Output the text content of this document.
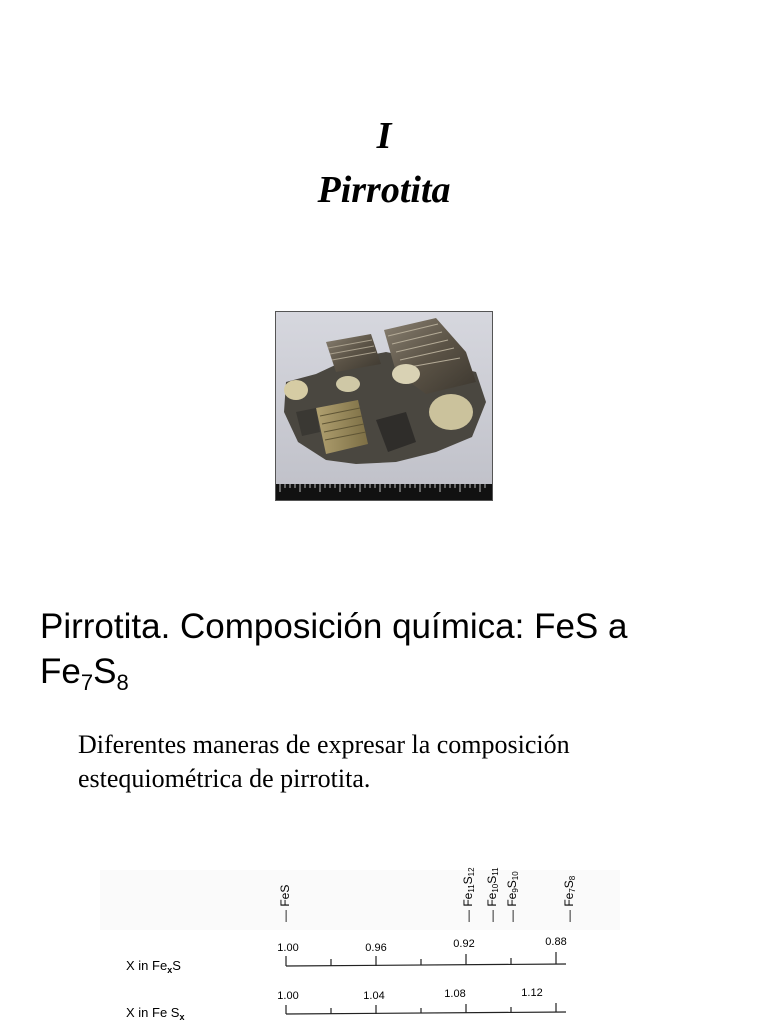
I
Pirrotita
Pirrotita. Composición química: FeS a
$Fe_7S_8$
Diferentes maneras de expresar la composición
estequiométrica de pirrotita.
— FeS
— Fe11S12
— Fe10S11
— Fe9S10
— Fe7S8
1.00	0.96	0.92	0.88
X in $Fe_xS$
1.00	1.04	1.08	1.12
X in Fe $S_x$
